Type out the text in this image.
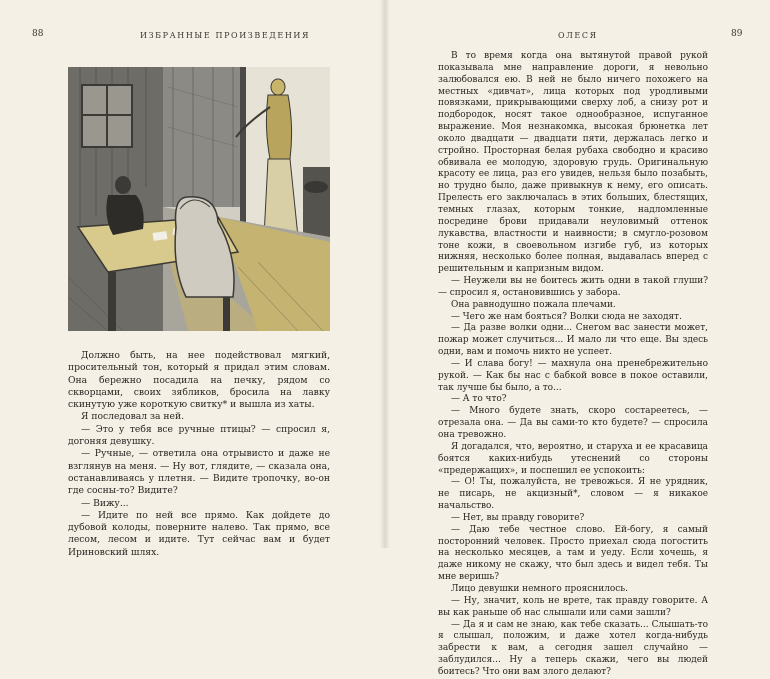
88	ИЗБРАННЫЕ ПРОИЗВЕДЕНИЯ

Должно быть, на нее подействовал мягкий, просительный тон, который я придал этим словам. Она бережно посадила на печку, рядом со скворцами, своих зябликов, бросила на лавку скинутую уже короткую свитку* и вышла из хаты.

Я последовал за ней.

— Это у тебя все ручные птицы? — спросил я, догоняя девушку.

— Ручные, — ответила она отрывисто и даже не взглянув на меня. — Ну вот, глядите, — сказала она, останавливаясь у плетня. — Видите тропочку, во-он где сосны-то? Видите?

— Вижу...

— Идите по ней все прямо. Как дойдете до дубовой колоды, поверните налево. Так прямо, все лесом, лесом и идите. Тут сейчас вам и будет Ириновский шлях.

ОЛЕСЯ	89

В то время когда она вытянутой правой рукой показывала мне направление дороги, я невольно залюбовался ею. В ней не было ничего похожего на местных «дивчат», лица которых под уродливыми повязками, прикрывающими сверху лоб, а снизу рот и подбородок, носят такое однообразное, испуганное выражение. Моя незнакомка, высокая брюнетка лет около двадцати — двадцати пяти, держалась легко и стройно. Просторная белая рубаха свободно и красиво обвивала ее молодую, здоровую грудь. Оригинальную красоту ее лица, раз его увидев, нельзя было позабыть, но трудно было, даже привыкнув к нему, его описать. Прелесть его заключалась в этих больших, блестящих, темных глазах, которым тонкие, надломленные посредине брови придавали неуловимый оттенок лукавства, властности и наивности; в смугло-розовом тоне кожи, в своевольном изгибе губ, из которых нижняя, несколько более полная, выдавалась вперед с решительным и капризным видом.

— Неужели вы не боитесь жить одни в такой глуши? — спросил я, остановившись у забора.

Она равнодушно пожала плечами.

— Чего же нам бояться? Волки сюда не заходят.

— Да разве волки одни... Снегом вас занести может, пожар может случиться... И мало ли что еще. Вы здесь одни, вам и помочь никто не успеет.

— И слава богу! — махнула она пренебрежительно рукой. — Как бы нас с бабкой вовсе в покое оставили, так лучше бы было, а то...

— А то что?

— Много будете знать, скоро состареетесь, — отрезала она. — Да вы сами-то кто будете? — спросила она тревожно.

Я догадался, что, вероятно, и старуха и ее красавица боятся каких-нибудь утеснений со стороны «предержащих», и поспешил ее успокоить:

— О! Ты, пожалуйста, не тревожься. Я не урядник, не писарь, не акцизный*, словом — я никакое начальство.

— Нет, вы правду говорите?

— Даю тебе честное слово. Ей-богу, я самый посторонний человек. Просто приехал сюда погостить на несколько месяцев, а там и уеду. Если хочешь, я даже никому не скажу, что был здесь и видел тебя. Ты мне веришь?

Лицо девушки немного прояснилось.

— Ну, значит, коль не врете, так правду говорите. А вы как раньше об нас слышали или сами зашли?

— Да я и сам не знаю, как тебе сказать... Слышать-то я слышал, положим, и даже хотел когда-нибудь забрести к вам, а сегодня зашел случайно — заблудился... Ну а теперь скажи, чего вы людей боитесь? Что они вам злого делают?
